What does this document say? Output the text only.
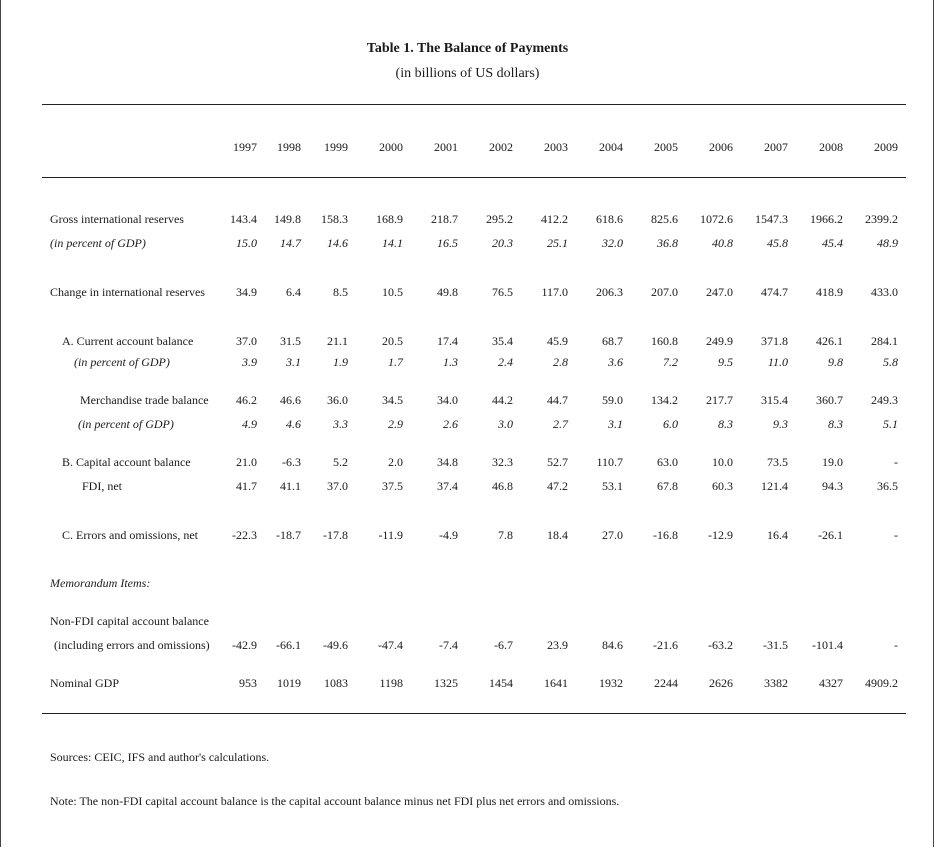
Table 1. The Balance of Payments
(in billions of US dollars)
1997	1998	1999	2000	2001	2002	2003	2004	2005	2006	2007	2008	2009
Gross international reserves	143.4	149.8	158.3	168.9	218.7	295.2	412.2	618.6	825.6	1072.6	1547.3	1966.2	2399.2
(in percent of GDP)	15.0	14.7	14.6	14.1	16.5	20.3	25.1	32.0	36.8	40.8	45.8	45.4	48.9
Change in international reserves	34.9	6.4	8.5	10.5	49.8	76.5	117.0	206.3	207.0	247.0	474.7	418.9	433.0
A. Current account balance	37.0	31.5	21.1	20.5	17.4	35.4	45.9	68.7	160.8	249.9	371.8	426.1	284.1
(in percent of GDP)	3.9	3.1	1.9	1.7	1.3	2.4	2.8	3.6	7.2	9.5	11.0	9.8	5.8
Merchandise trade balance	46.2	46.6	36.0	34.5	34.0	44.2	44.7	59.0	134.2	217.7	315.4	360.7	249.3
(in percent of GDP)	4.9	4.6	3.3	2.9	2.6	3.0	2.7	3.1	6.0	8.3	9.3	8.3	5.1
B. Capital account balance	21.0	-6.3	5.2	2.0	34.8	32.3	52.7	110.7	63.0	10.0	73.5	19.0	-
FDI, net	41.7	41.1	37.0	37.5	37.4	46.8	47.2	53.1	67.8	60.3	121.4	94.3	36.5
C. Errors and omissions, net	-22.3	-18.7	-17.8	-11.9	-4.9	7.8	18.4	27.0	-16.8	-12.9	16.4	-26.1	-
Memorandum Items:
Non-FDI capital account balance
(including errors and omissions)	-42.9	-66.1	-49.6	-47.4	-7.4	-6.7	23.9	84.6	-21.6	-63.2	-31.5	-101.4	-
Nominal GDP	953	1019	1083	1198	1325	1454	1641	1932	2244	2626	3382	4327	4909.2
Sources: CEIC, IFS and author's calculations.
Note: The non-FDI capital account balance is the capital account balance minus net FDI plus net errors and omissions.
